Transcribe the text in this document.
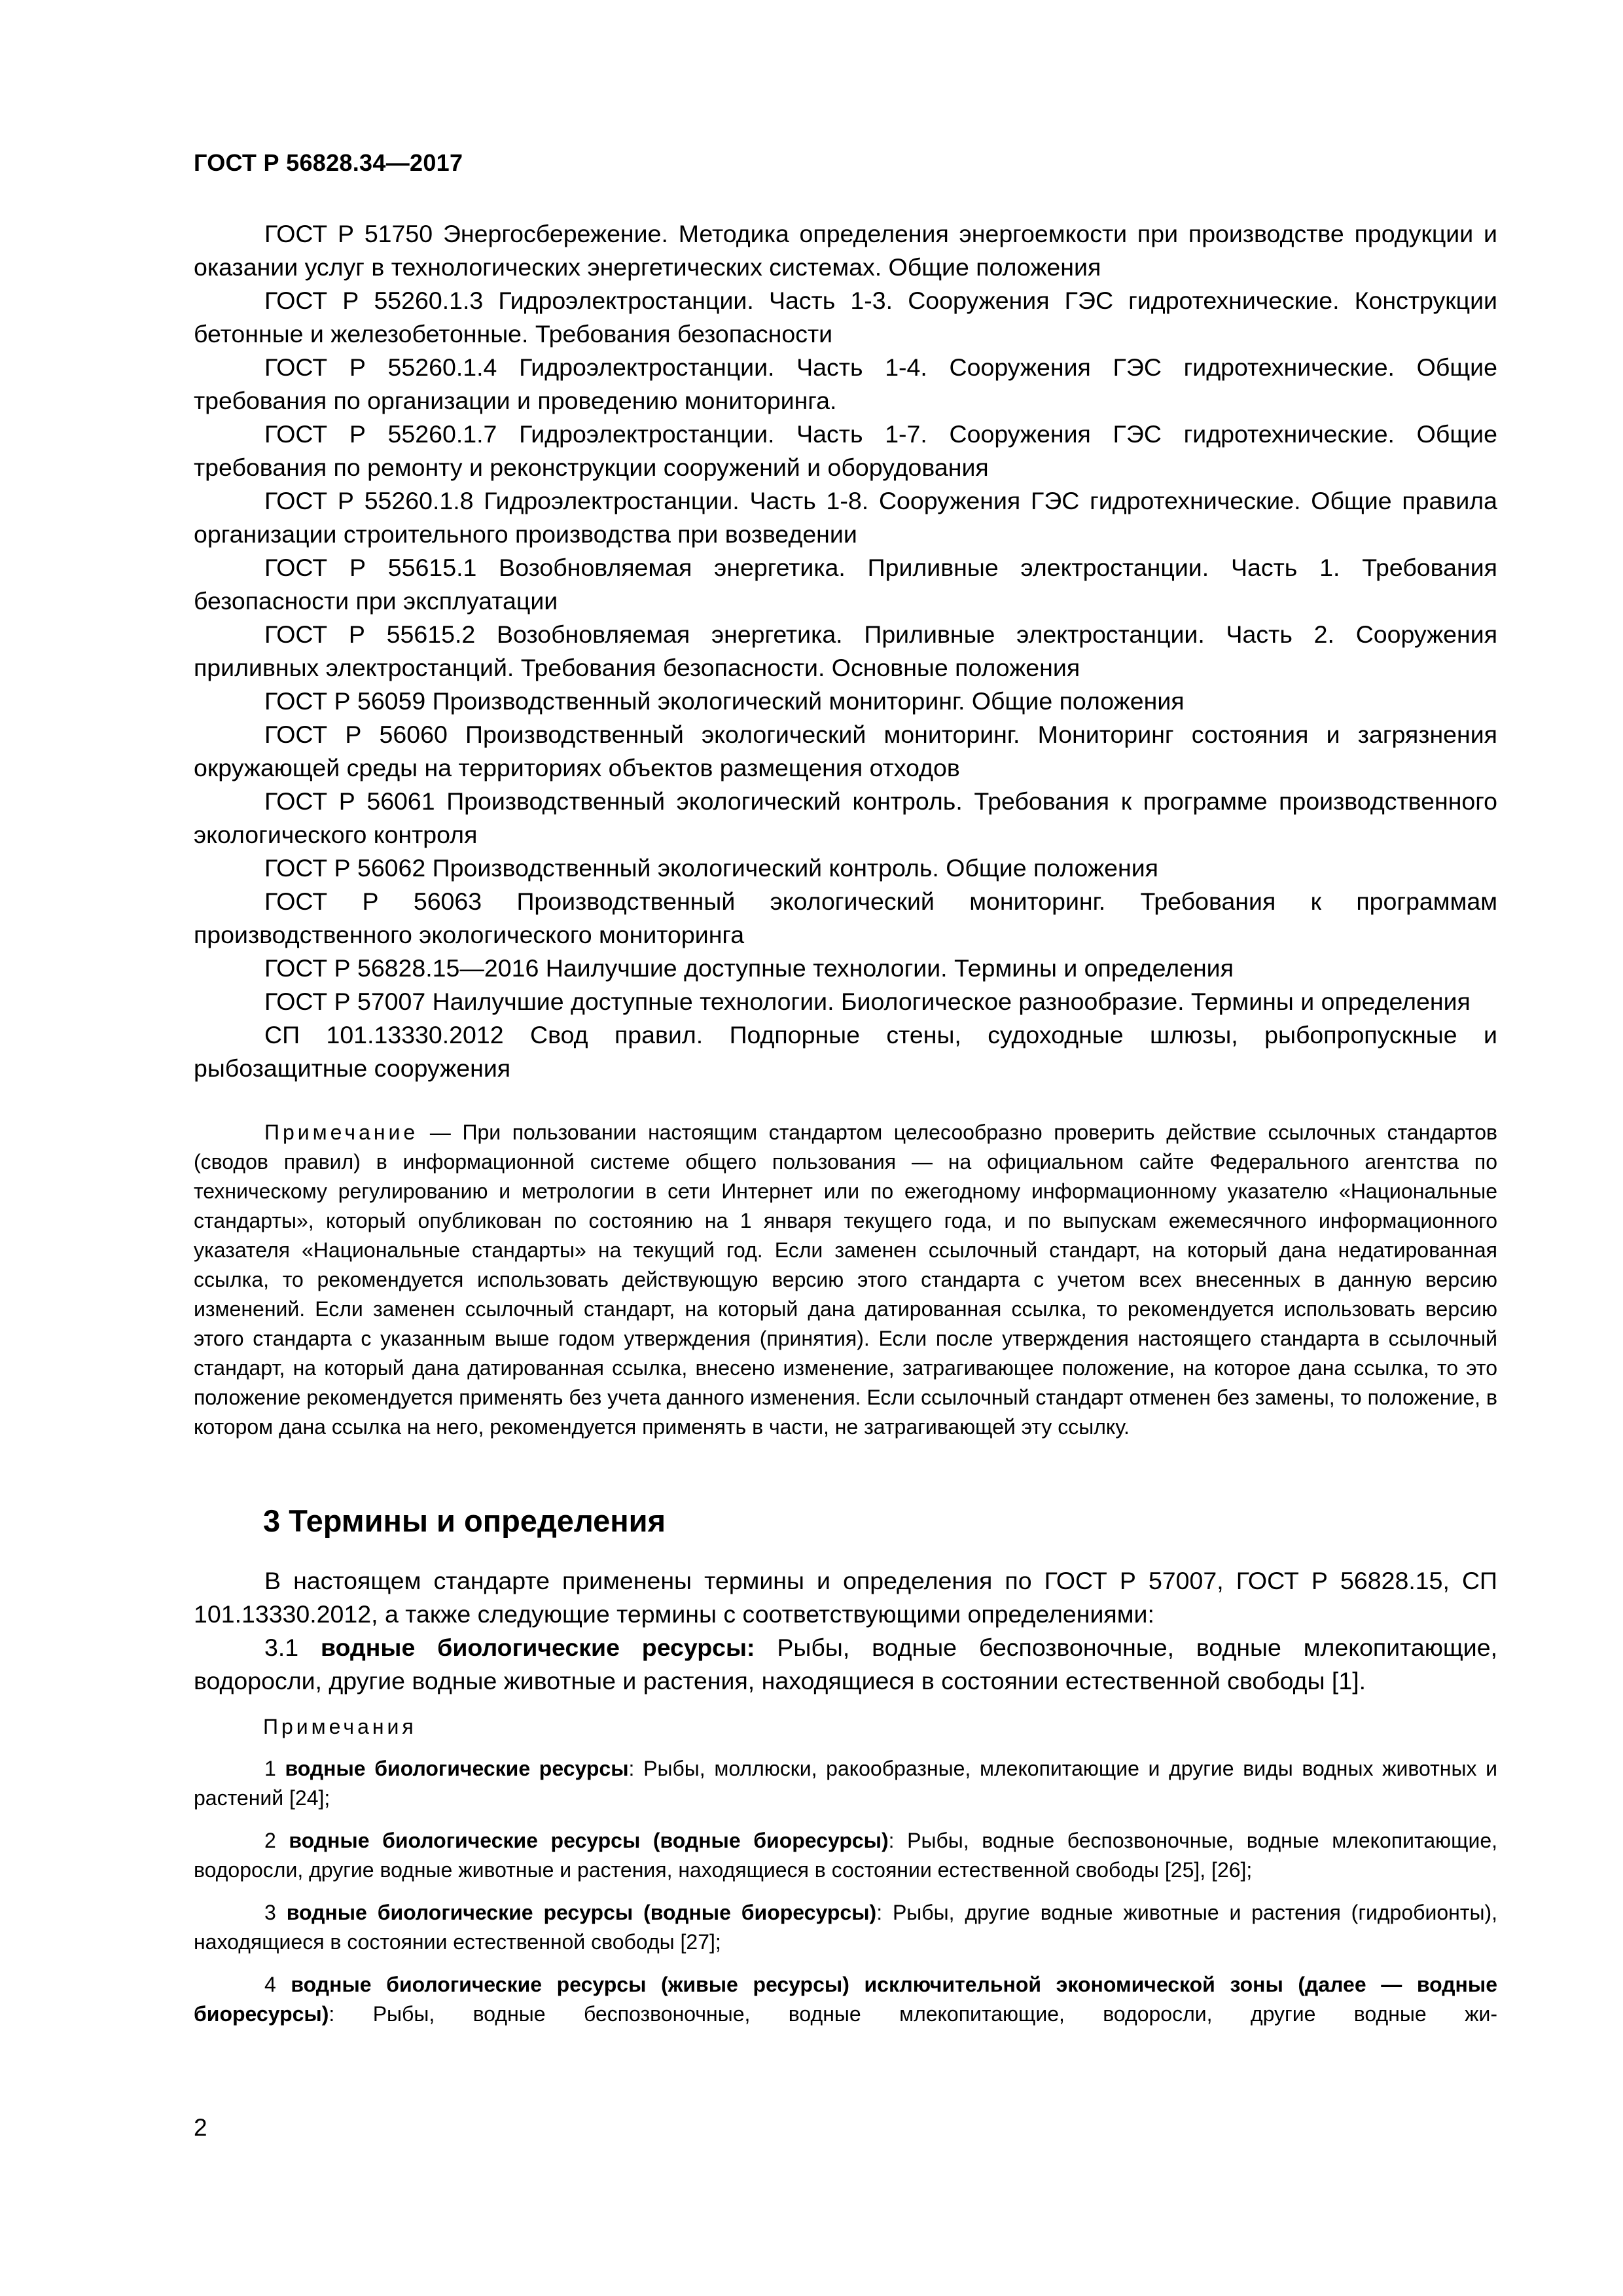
ГОСТ Р 56828.34—2017

ГОСТ Р 51750 Энергосбережение. Методика определения энергоемкости при производстве продукции и оказании услуг в технологических энергетических системах. Общие положения

ГОСТ Р 55260.1.3 Гидроэлектростанции. Часть 1-3. Сооружения ГЭС гидротехнические. Конструкции бетонные и железобетонные. Требования безопасности

ГОСТ Р 55260.1.4 Гидроэлектростанции. Часть 1-4. Сооружения ГЭС гидротехнические. Общие требования по организации и проведению мониторинга.

ГОСТ Р 55260.1.7 Гидроэлектростанции. Часть 1-7. Сооружения ГЭС гидротехнические. Общие требования по ремонту и реконструкции сооружений и оборудования

ГОСТ Р 55260.1.8 Гидроэлектростанции. Часть 1-8. Сооружения ГЭС гидротехнические. Общие правила организации строительного производства при возведении

ГОСТ Р 55615.1 Возобновляемая энергетика. Приливные электростанции. Часть 1. Требования безопасности при эксплуатации

ГОСТ Р 55615.2 Возобновляемая энергетика. Приливные электростанции. Часть 2. Сооружения приливных электростанций. Требования безопасности. Основные положения

ГОСТ Р 56059 Производственный экологический мониторинг. Общие положения

ГОСТ Р 56060 Производственный экологический мониторинг. Мониторинг состояния и загрязнения окружающей среды на территориях объектов размещения отходов

ГОСТ Р 56061 Производственный экологический контроль. Требования к программе производственного экологического контроля

ГОСТ Р 56062 Производственный экологический контроль. Общие положения

ГОСТ Р 56063 Производственный экологический мониторинг. Требования к программам производственного экологического мониторинга

ГОСТ Р 56828.15—2016 Наилучшие доступные технологии. Термины и определения

ГОСТ Р 57007 Наилучшие доступные технологии. Биологическое разнообразие. Термины и определения

СП 101.13330.2012 Свод правил. Подпорные стены, судоходные шлюзы, рыбопропускные и рыбозащитные сооружения

Примечание — При пользовании настоящим стандартом целесообразно проверить действие ссылочных стандартов (сводов правил) в информационной системе общего пользования — на официальном сайте Федерального агентства по техническому регулированию и метрологии в сети Интернет или по ежегодному информационному указателю «Национальные стандарты», который опубликован по состоянию на 1 января текущего года, и по выпускам ежемесячного информационного указателя «Национальные стандарты» на текущий год. Если заменен ссылочный стандарт, на который дана недатированная ссылка, то рекомендуется использовать действующую версию этого стандарта с учетом всех внесенных в данную версию изменений. Если заменен ссылочный стандарт, на который дана датированная ссылка, то рекомендуется использовать версию этого стандарта с указанным выше годом утверждения (принятия). Если после утверждения настоящего стандарта в ссылочный стандарт, на который дана датированная ссылка, внесено изменение, затрагивающее положение, на которое дана ссылка, то это положение рекомендуется применять без учета данного изменения. Если ссылочный стандарт отменен без замены, то положение, в котором дана ссылка на него, рекомендуется применять в части, не затрагивающей эту ссылку.

3 Термины и определения

В настоящем стандарте применены термины и определения по ГОСТ Р 57007, ГОСТ Р 56828.15, СП 101.13330.2012, а также следующие термины с соответствующими определениями:

3.1 водные биологические ресурсы: Рыбы, водные беспозвоночные, водные млекопитающие, водоросли, другие водные животные и растения, находящиеся в состоянии естественной свободы [1].

Примечания

1 водные биологические ресурсы: Рыбы, моллюски, ракообразные, млекопитающие и другие виды водных животных и растений [24];

2 водные биологические ресурсы (водные биоресурсы): Рыбы, водные беспозвоночные, водные млекопитающие, водоросли, другие водные животные и растения, находящиеся в состоянии естественной свободы [25], [26];

3 водные биологические ресурсы (водные биоресурсы): Рыбы, другие водные животные и растения (гидробионты), находящиеся в состоянии естественной свободы [27];

4 водные биологические ресурсы (живые ресурсы) исключительной экономической зоны (далее — водные биоресурсы): Рыбы, водные беспозвоночные, водные млекопитающие, водоросли, другие водные жи-

2
